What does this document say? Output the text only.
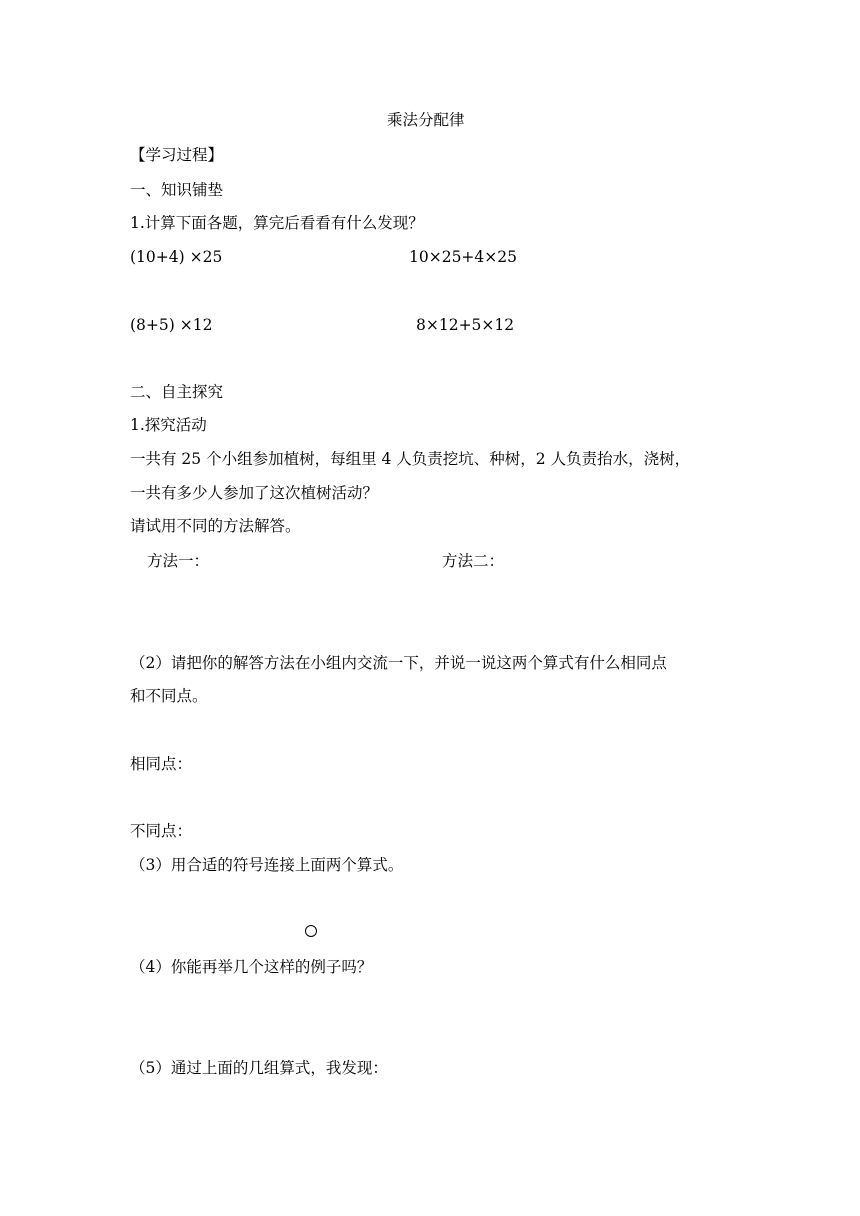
乘法分配律
【学习过程】
一、知识铺垫
1.计算下面各题，算完后看看有什么发现？
(10+4) ×25	10×25+4×25
(8+5) ×12	8×12+5×12
二、自主探究
1.探究活动
一共有 25 个小组参加植树，每组里 4 人负责挖坑、种树，2 人负责抬水，浇树，
一共有多少人参加了这次植树活动？
请试用不同的方法解答。
方法一：	方法二：
（2）请把你的解答方法在小组内交流一下，并说一说这两个算式有什么相同点
和不同点。
相同点：
不同点：
（3）用合适的符号连接上面两个算式。
（4）你能再举几个这样的例子吗？
（5）通过上面的几组算式，我发现：
